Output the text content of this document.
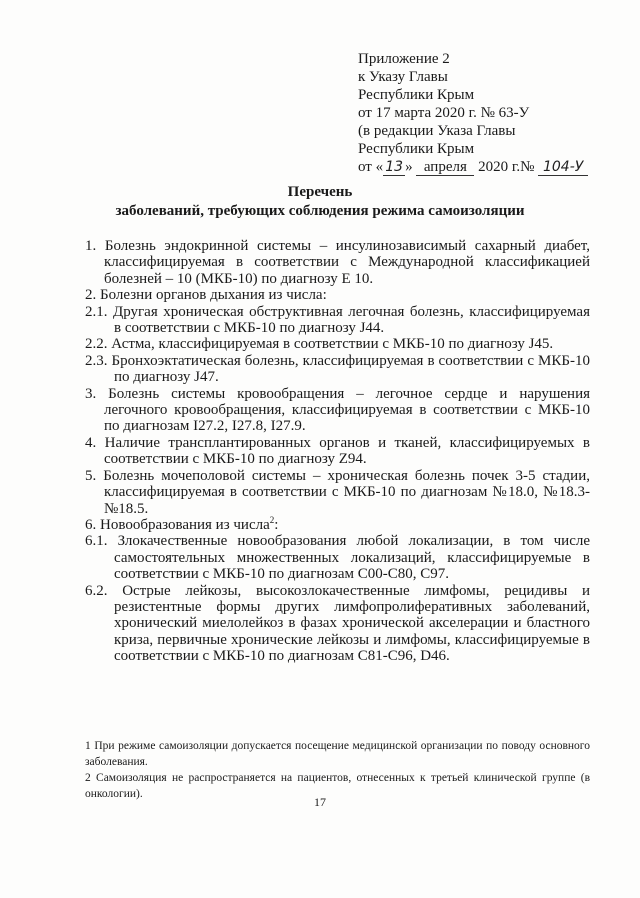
Приложение 2
к Указу Главы
Республики Крым
от 17 марта 2020 г. № 63-У
(в редакции Указа Главы
Республики Крым
от « 13 » апреля 2020 г.№ 104-У
Перечень
заболеваний, требующих соблюдения режима самоизоляции
1. Болезнь эндокринной системы – инсулинозависимый сахарный диабет, классифицируемая в соответствии с Международной классификацией болезней – 10 (МКБ-10) по диагнозу Е 10.
2. Болезни органов дыхания из числа:
2.1. Другая хроническая обструктивная легочная болезнь, классифицируемая в соответствии с МКБ-10 по диагнозу J44.
2.2. Астма, классифицируемая в соответствии с МКБ-10 по диагнозу J45.
2.3. Бронхоэктатическая болезнь, классифицируемая в соответствии с МКБ-10 по диагнозу J47.
3. Болезнь системы кровообращения – легочное сердце и нарушения легочного кровообращения, классифицируемая в соответствии с МКБ-10 по диагнозам I27.2, I27.8, I27.9.
4. Наличие трансплантированных органов и тканей, классифицируемых в соответствии с МКБ-10 по диагнозу Z94.
5. Болезнь мочеполовой системы – хроническая болезнь почек 3-5 стадии, классифицируемая в соответствии с МКБ-10 по диагнозам №18.0, №18.3-№18.5.
6. Новообразования из числа$^2$:
6.1. Злокачественные новообразования любой локализации, в том числе самостоятельных множественных локализаций, классифицируемые в соответствии с МКБ-10 по диагнозам С00-С80, С97.
6.2. Острые лейкозы, высокозлокачественные лимфомы, рецидивы и резистентные формы других лимфопролиферативных заболеваний, хронический миелолейкоз в фазах хронической акселерации и бластного криза, первичные хронические лейкозы и лимфомы, классифицируемые в соответствии с МКБ-10 по диагнозам С81-С96, D46.
1 При режиме самоизоляции допускается посещение медицинской организации по поводу основного заболевания.
2 Самоизоляция не распространяется на пациентов, отнесенных к третьей клинической группе (в онкологии).
17
